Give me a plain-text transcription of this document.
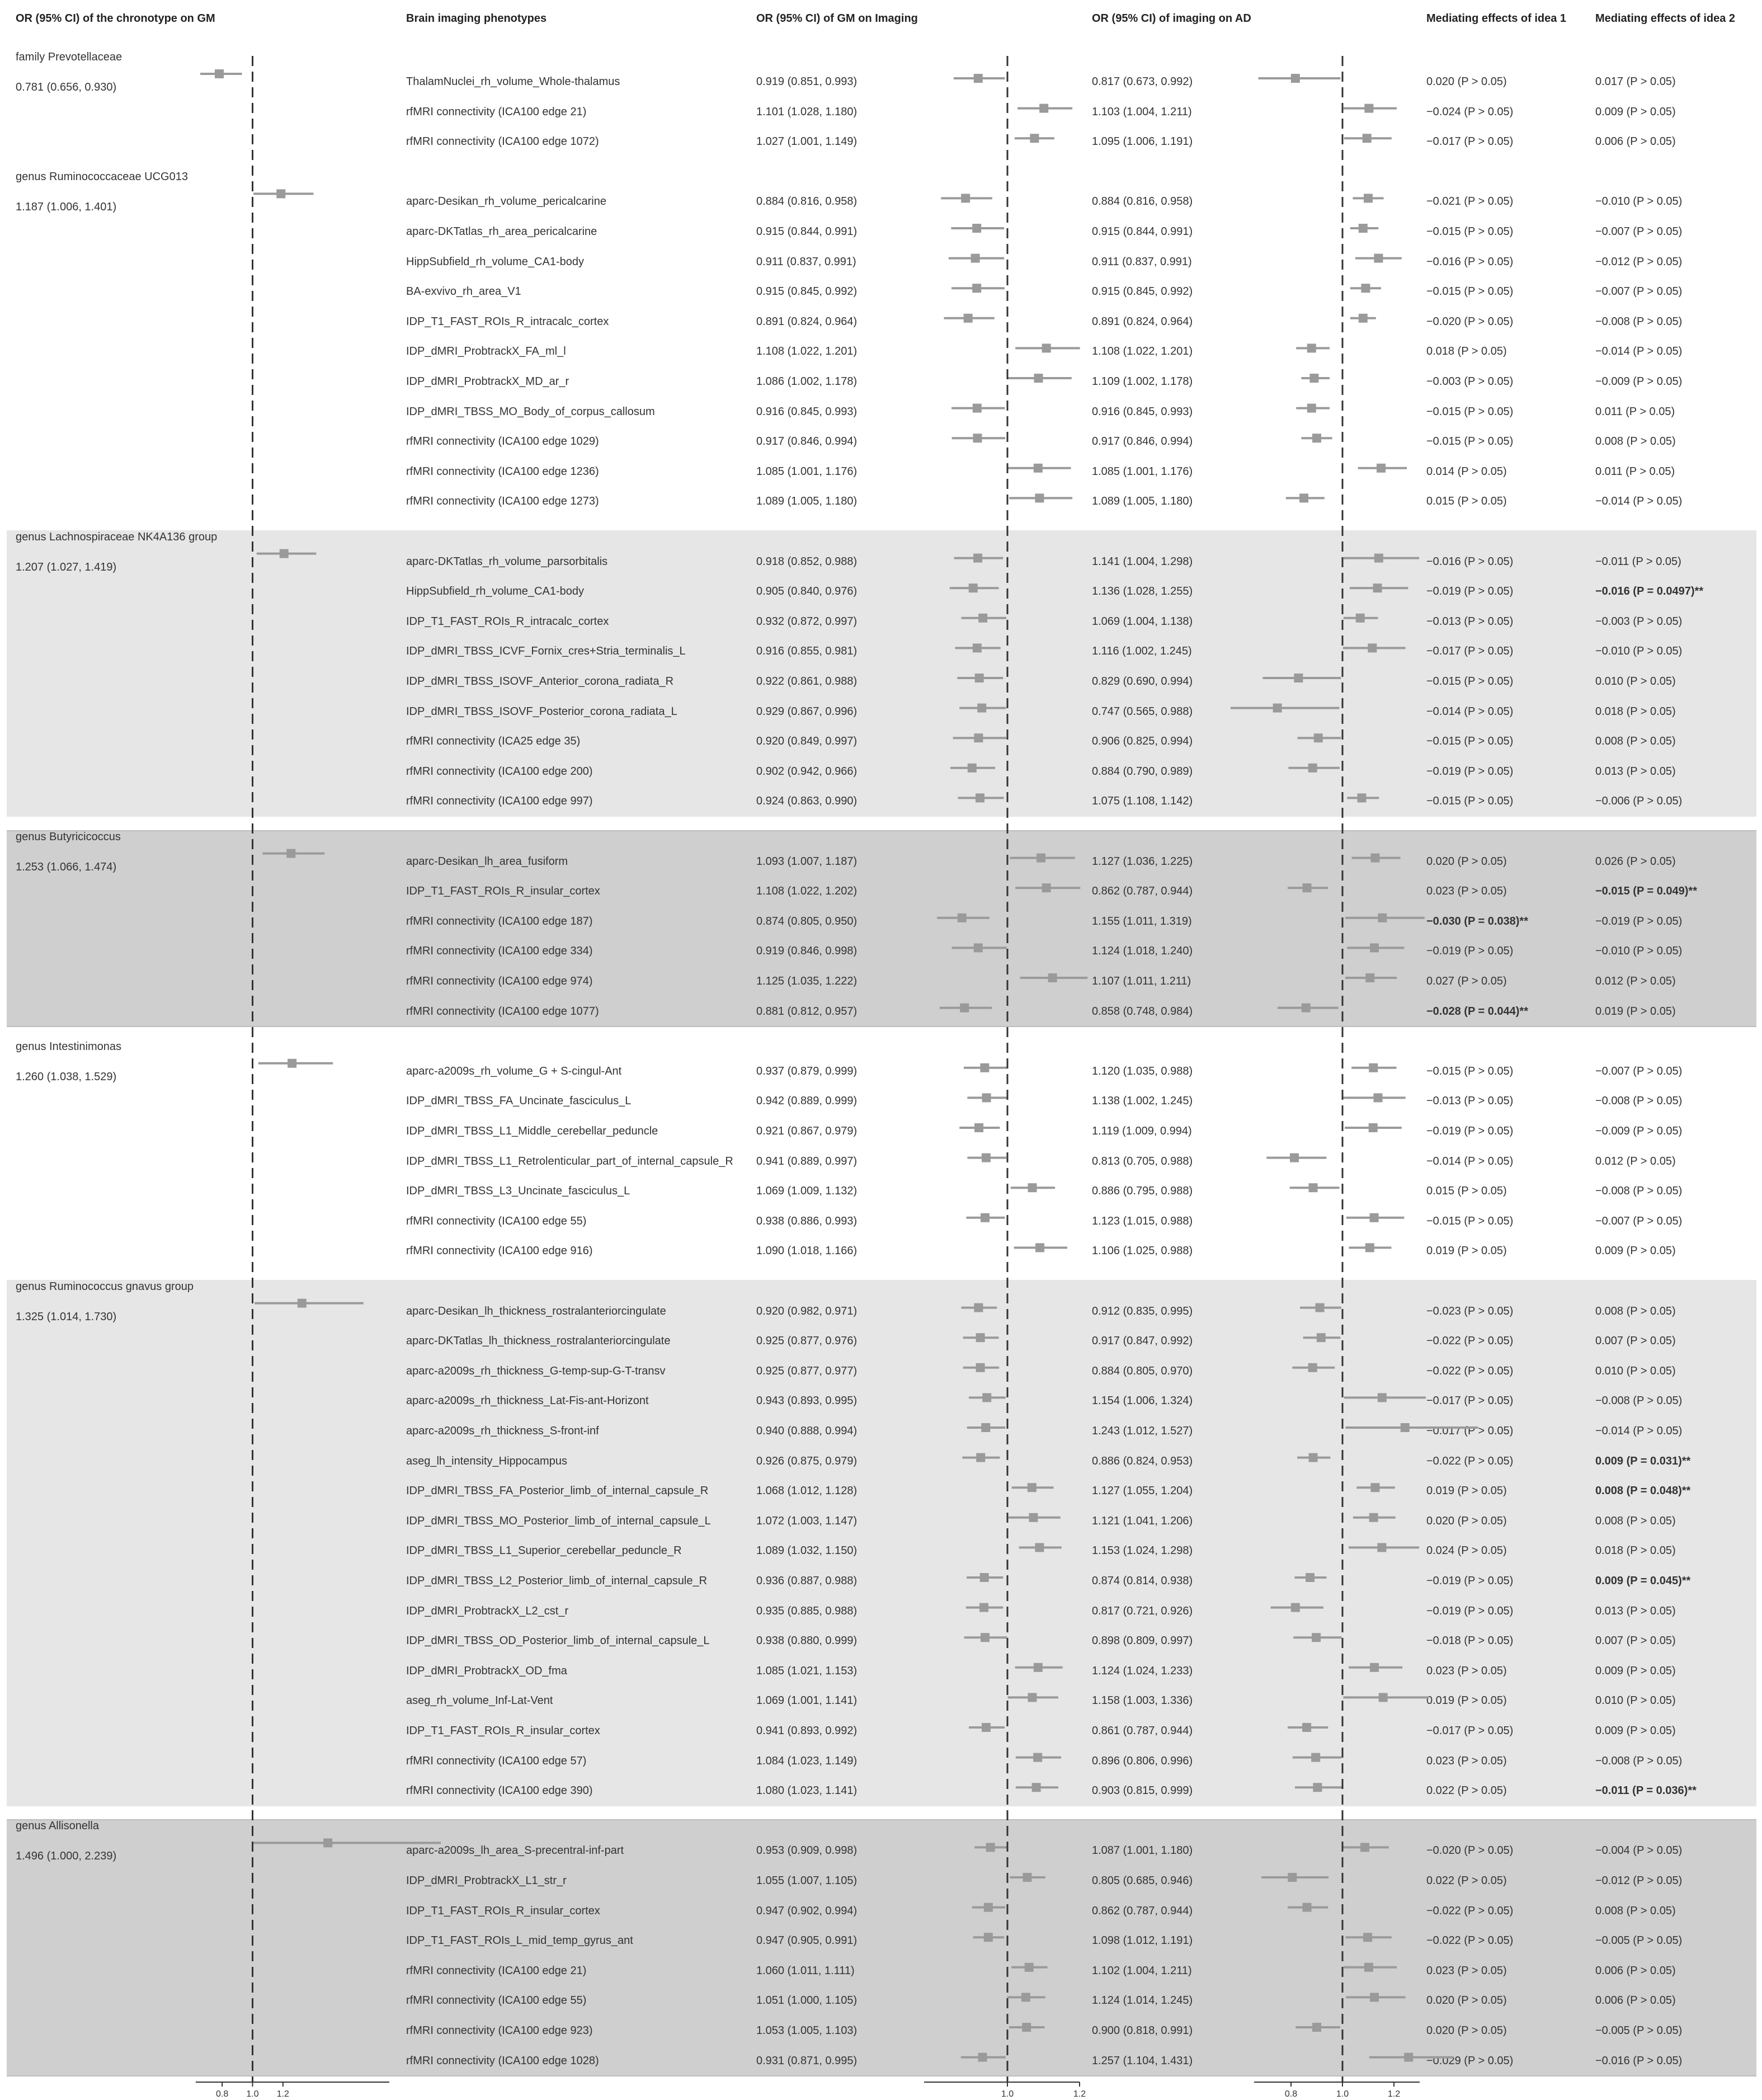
OR (95% CI) of the chronotype on GM	Brain imaging phenotypes	OR (95% CI) of GM on Imaging	OR (95% CI) of imaging on AD	Mediating effects of idea 1	Mediating effects of idea 2
family Prevotellaceae
0.781 (0.656, 0.930)	ThalamNuclei_rh_volume_Whole-thalamus	0.919 (0.851, 0.993)	0.817 (0.673, 0.992)	0.020 (P > 0.05)	0.017 (P > 0.05)
rfMRI connectivity (ICA100 edge 21)	1.101 (1.028, 1.180)	1.103 (1.004, 1.211)	−0.024 (P > 0.05)	0.009 (P > 0.05)
rfMRI connectivity (ICA100 edge 1072)	1.027 (1.001, 1.149)	1.095 (1.006, 1.191)	−0.017 (P > 0.05)	0.006 (P > 0.05)
genus Ruminococcaceae UCG013
1.187 (1.006, 1.401)	aparc-Desikan_rh_volume_pericalcarine	0.884 (0.816, 0.958)	0.884 (0.816, 0.958)	−0.021 (P > 0.05)	−0.010 (P > 0.05)
aparc-DKTatlas_rh_area_pericalcarine	0.915 (0.844, 0.991)	0.915 (0.844, 0.991)	−0.015 (P > 0.05)	−0.007 (P > 0.05)
HippSubfield_rh_volume_CA1-body	0.911 (0.837, 0.991)	0.911 (0.837, 0.991)	−0.016 (P > 0.05)	−0.012 (P > 0.05)
BA-exvivo_rh_area_V1	0.915 (0.845, 0.992)	0.915 (0.845, 0.992)	−0.015 (P > 0.05)	−0.007 (P > 0.05)
IDP_T1_FAST_ROIs_R_intracalc_cortex	0.891 (0.824, 0.964)	0.891 (0.824, 0.964)	−0.020 (P > 0.05)	−0.008 (P > 0.05)
IDP_dMRI_ProbtrackX_FA_ml_l	1.108 (1.022, 1.201)	1.108 (1.022, 1.201)	0.018 (P > 0.05)	−0.014 (P > 0.05)
IDP_dMRI_ProbtrackX_MD_ar_r	1.086 (1.002, 1.178)	1.109 (1.002, 1.178)	−0.003 (P > 0.05)	−0.009 (P > 0.05)
IDP_dMRI_TBSS_MO_Body_of_corpus_callosum	0.916 (0.845, 0.993)	0.916 (0.845, 0.993)	−0.015 (P > 0.05)	0.011 (P > 0.05)
rfMRI connectivity (ICA100 edge 1029)	0.917 (0.846, 0.994)	0.917 (0.846, 0.994)	−0.015 (P > 0.05)	0.008 (P > 0.05)
rfMRI connectivity (ICA100 edge 1236)	1.085 (1.001, 1.176)	1.085 (1.001, 1.176)	0.014 (P > 0.05)	0.011 (P > 0.05)
rfMRI connectivity (ICA100 edge 1273)	1.089 (1.005, 1.180)	1.089 (1.005, 1.180)	0.015 (P > 0.05)	−0.014 (P > 0.05)
genus Lachnospiraceae NK4A136 group
1.207 (1.027, 1.419)	aparc-DKTatlas_rh_volume_parsorbitalis	0.918 (0.852, 0.988)	1.141 (1.004, 1.298)	−0.016 (P > 0.05)	−0.011 (P > 0.05)
HippSubfield_rh_volume_CA1-body	0.905 (0.840, 0.976)	1.136 (1.028, 1.255)	−0.019 (P > 0.05)	−0.016 (P = 0.0497)**
IDP_T1_FAST_ROIs_R_intracalc_cortex	0.932 (0.872, 0.997)	1.069 (1.004, 1.138)	−0.013 (P > 0.05)	−0.003 (P > 0.05)
IDP_dMRI_TBSS_ICVF_Fornix_cres+Stria_terminalis_L	0.916 (0.855, 0.981)	1.116 (1.002, 1.245)	−0.017 (P > 0.05)	−0.010 (P > 0.05)
IDP_dMRI_TBSS_ISOVF_Anterior_corona_radiata_R	0.922 (0.861, 0.988)	0.829 (0.690, 0.994)	−0.015 (P > 0.05)	0.010 (P > 0.05)
IDP_dMRI_TBSS_ISOVF_Posterior_corona_radiata_L	0.929 (0.867, 0.996)	0.747 (0.565, 0.988)	−0.014 (P > 0.05)	0.018 (P > 0.05)
rfMRI connectivity (ICA25 edge 35)	0.920 (0.849, 0.997)	0.906 (0.825, 0.994)	−0.015 (P > 0.05)	0.008 (P > 0.05)
rfMRI connectivity (ICA100 edge 200)	0.902 (0.942, 0.966)	0.884 (0.790, 0.989)	−0.019 (P > 0.05)	0.013 (P > 0.05)
rfMRI connectivity (ICA100 edge 997)	0.924 (0.863, 0.990)	1.075 (1.108, 1.142)	−0.015 (P > 0.05)	−0.006 (P > 0.05)
genus Butyricicoccus
1.253 (1.066, 1.474)	aparc-Desikan_lh_area_fusiform	1.093 (1.007, 1.187)	1.127 (1.036, 1.225)	0.020 (P > 0.05)	0.026 (P > 0.05)
IDP_T1_FAST_ROIs_R_insular_cortex	1.108 (1.022, 1.202)	0.862 (0.787, 0.944)	0.023 (P > 0.05)	−0.015 (P = 0.049)**
rfMRI connectivity (ICA100 edge 187)	0.874 (0.805, 0.950)	1.155 (1.011, 1.319)	−0.030 (P = 0.038)**	−0.019 (P > 0.05)
rfMRI connectivity (ICA100 edge 334)	0.919 (0.846, 0.998)	1.124 (1.018, 1.240)	−0.019 (P > 0.05)	−0.010 (P > 0.05)
rfMRI connectivity (ICA100 edge 974)	1.125 (1.035, 1.222)	1.107 (1.011, 1.211)	0.027 (P > 0.05)	0.012 (P > 0.05)
rfMRI connectivity (ICA100 edge 1077)	0.881 (0.812, 0.957)	0.858 (0.748, 0.984)	−0.028 (P = 0.044)**	0.019 (P > 0.05)
genus Intestinimonas
1.260 (1.038, 1.529)	aparc-a2009s_rh_volume_G + S-cingul-Ant	0.937 (0.879, 0.999)	1.120 (1.035, 0.988)	−0.015 (P > 0.05)	−0.007 (P > 0.05)
IDP_dMRI_TBSS_FA_Uncinate_fasciculus_L	0.942 (0.889, 0.999)	1.138 (1.002, 1.245)	−0.013 (P > 0.05)	−0.008 (P > 0.05)
IDP_dMRI_TBSS_L1_Middle_cerebellar_peduncle	0.921 (0.867, 0.979)	1.119 (1.009, 0.994)	−0.019 (P > 0.05)	−0.009 (P > 0.05)
IDP_dMRI_TBSS_L1_Retrolenticular_part_of_internal_capsule_R 0.941 (0.889, 0.997)	0.813 (0.705, 0.988)	−0.014 (P > 0.05)	0.012 (P > 0.05)
IDP_dMRI_TBSS_L3_Uncinate_fasciculus_L	1.069 (1.009, 1.132)	0.886 (0.795, 0.988)	0.015 (P > 0.05)	−0.008 (P > 0.05)
rfMRI connectivity (ICA100 edge 55)	0.938 (0.886, 0.993)	1.123 (1.015, 0.988)	−0.015 (P > 0.05)	−0.007 (P > 0.05)
rfMRI connectivity (ICA100 edge 916)	1.090 (1.018, 1.166)	1.106 (1.025, 0.988)	0.019 (P > 0.05)	0.009 (P > 0.05)
genus Ruminococcus gnavus group
1.325 (1.014, 1.730)	aparc-Desikan_lh_thickness_rostralanteriorcingulate	0.920 (0.982, 0.971)	0.912 (0.835, 0.995)	−0.023 (P > 0.05)	0.008 (P > 0.05)
aparc-DKTatlas_lh_thickness_rostralanteriorcingulate	0.925 (0.877, 0.976)	0.917 (0.847, 0.992)	−0.022 (P > 0.05)	0.007 (P > 0.05)
aparc-a2009s_rh_thickness_G-temp-sup-G-T-transv	0.925 (0.877, 0.977)	0.884 (0.805, 0.970)	−0.022 (P > 0.05)	0.010 (P > 0.05)
aparc-a2009s_rh_thickness_Lat-Fis-ant-Horizont	0.943 (0.893, 0.995)	1.154 (1.006, 1.324)	−0.017 (P > 0.05)	−0.008 (P > 0.05)
aparc-a2009s_rh_thickness_S-front-inf	0.940 (0.888, 0.994)	1.243 (1.012, 1.527)	−0.017 (P > 0.05)	−0.014 (P > 0.05)
aseg_lh_intensity_Hippocampus	0.926 (0.875, 0.979)	0.886 (0.824, 0.953)	−0.022 (P > 0.05)	0.009 (P = 0.031)**
IDP_dMRI_TBSS_FA_Posterior_limb_of_internal_capsule_R	1.068 (1.012, 1.128)	1.127 (1.055, 1.204)	0.019 (P > 0.05)	0.008 (P = 0.048)**
IDP_dMRI_TBSS_MO_Posterior_limb_of_internal_capsule_L	1.072 (1.003, 1.147)	1.121 (1.041, 1.206)	0.020 (P > 0.05)	0.008 (P > 0.05)
IDP_dMRI_TBSS_L1_Superior_cerebellar_peduncle_R	1.089 (1.032, 1.150)	1.153 (1.024, 1.298)	0.024 (P > 0.05)	0.018 (P > 0.05)
IDP_dMRI_TBSS_L2_Posterior_limb_of_internal_capsule_R	0.936 (0.887, 0.988)	0.874 (0.814, 0.938)	−0.019 (P > 0.05)	0.009 (P = 0.045)**
IDP_dMRI_ProbtrackX_L2_cst_r	0.935 (0.885, 0.988)	0.817 (0.721, 0.926)	−0.019 (P > 0.05)	0.013 (P > 0.05)
IDP_dMRI_TBSS_OD_Posterior_limb_of_internal_capsule_L	0.938 (0.880, 0.999)	0.898 (0.809, 0.997)	−0.018 (P > 0.05)	0.007 (P > 0.05)
IDP_dMRI_ProbtrackX_OD_fma	1.085 (1.021, 1.153)	1.124 (1.024, 1.233)	0.023 (P > 0.05)	0.009 (P > 0.05)
aseg_rh_volume_Inf-Lat-Vent	1.069 (1.001, 1.141)	1.158 (1.003, 1.336)	0.019 (P > 0.05)	0.010 (P > 0.05)
IDP_T1_FAST_ROIs_R_insular_cortex	0.941 (0.893, 0.992)	0.861 (0.787, 0.944)	−0.017 (P > 0.05)	0.009 (P > 0.05)
rfMRI connectivity (ICA100 edge 57)	1.084 (1.023, 1.149)	0.896 (0.806, 0.996)	0.023 (P > 0.05)	−0.008 (P > 0.05)
rfMRI connectivity (ICA100 edge 390)	1.080 (1.023, 1.141)	0.903 (0.815, 0.999)	0.022 (P > 0.05)	−0.011 (P = 0.036)**
genus Allisonella
1.496 (1.000, 2.239)	aparc-a2009s_lh_area_S-precentral-inf-part	0.953 (0.909, 0.998)	1.087 (1.001, 1.180)	−0.020 (P > 0.05)	−0.004 (P > 0.05)
IDP_dMRI_ProbtrackX_L1_str_r	1.055 (1.007, 1.105)	0.805 (0.685, 0.946)	0.022 (P > 0.05)	−0.012 (P > 0.05)
IDP_T1_FAST_ROIs_R_insular_cortex	0.947 (0.902, 0.994)	0.862 (0.787, 0.944)	−0.022 (P > 0.05)	0.008 (P > 0.05)
IDP_T1_FAST_ROIs_L_mid_temp_gyrus_ant	0.947 (0.905, 0.991)	1.098 (1.012, 1.191)	−0.022 (P > 0.05)	−0.005 (P > 0.05)
rfMRI connectivity (ICA100 edge 21)	1.060 (1.011, 1.111)	1.102 (1.004, 1.211)	0.023 (P > 0.05)	0.006 (P > 0.05)
rfMRI connectivity (ICA100 edge 55)	1.051 (1.000, 1.105)	1.124 (1.014, 1.245)	0.020 (P > 0.05)	0.006 (P > 0.05)
rfMRI connectivity (ICA100 edge 923)	1.053 (1.005, 1.103)	0.900 (0.818, 0.991)	0.020 (P > 0.05)	−0.005 (P > 0.05)
rfMRI connectivity (ICA100 edge 1028)	0.931 (0.871, 0.995)	1.257 (1.104, 1.431)	−0.029 (P > 0.05)	−0.016 (P > 0.05)
0.8 1.0 1.2	1.0	1.2	0.8	1.0	1.2
